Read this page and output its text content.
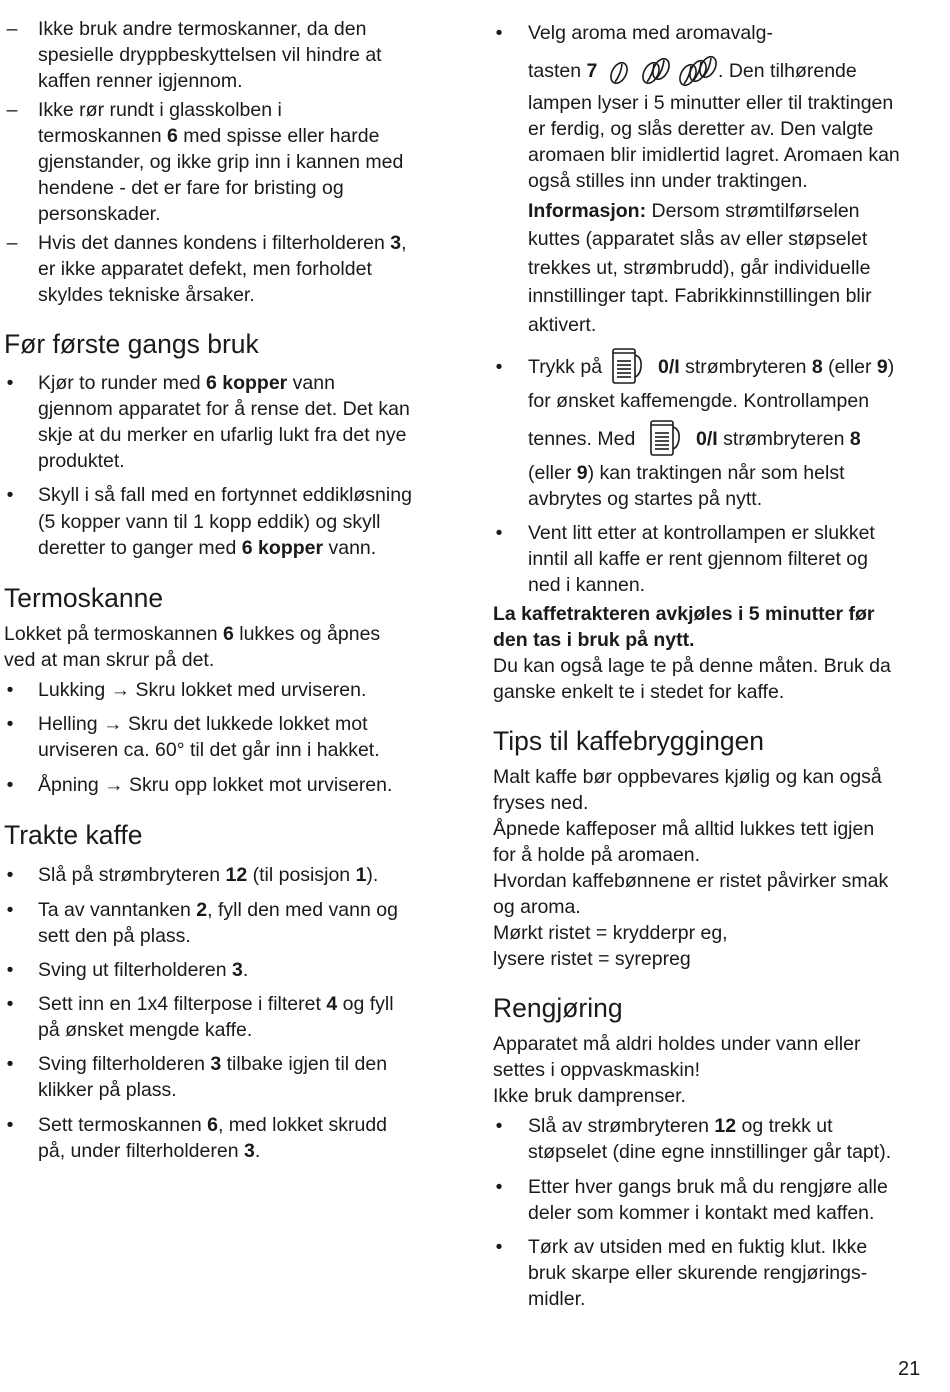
– Ikke bruk andre termoskanner, da den
spesielle dryppbeskyttelsen vil hindre at
kaffen renner igjennom.
– Ikke rør rundt i glasskolben i
termoskannen 6 med spisse eller harde
gjenstander, og ikke grip inn i kannen med
hendene - det er fare for bristing og
personskader.
– Hvis det dannes kondens i filterholderen 3,
er ikke apparatet defekt, men forholdet
skyldes tekniske årsaker.
Før første gangs bruk
• Kjør to runder med 6 kopper vann
gjennom apparatet for å rense det. Det kan
skje at du merker en ufarlig lukt fra det nye
produktet.
• Skyll i så fall med en fortynnet eddikløsning
(5 kopper vann til 1 kopp eddik) og skyll
deretter to ganger med 6 kopper vann.
Termoskanne
Lokket på termoskannen 6 lukkes og åpnes
ved at man skrur på det.
• Lukking → Skru lokket med urviseren.
• Helling → Skru det lukkede lokket mot
urviseren ca. 60° til det går inn i hakket.
• Åpning → Skru opp lokket mot urviseren.
Trakte kaffe
• Slå på strømbryteren 12 (til posisjon 1).
• Ta av vanntanken 2, fyll den med vann og
sett den på plass.
• Sving ut filterholderen 3.
• Sett inn en 1x4 filterpose i filteret 4 og fyll
på ønsket mengde kaffe.
• Sving filterholderen 3 tilbake igjen til den
klikker på plass.
• Sett termoskannen 6, med lokket skrudd
på, under filterholderen 3.
• Velg aroma med aromavalg-
tasten 7	. Den tilhørende
lampen lyser i 5 minutter eller til traktingen
er ferdig, og slås deretter av. Den valgte
aromaen blir imidlertid lagret. Aromaen kan
også stilles inn under traktingen.
Informasjon: Dersom strømtilførselen
kuttes (apparatet slås av eller støpselet
trekkes ut, strømbrudd), går individuelle
innstillinger tapt. Fabrikkinnstillingen blir
aktivert.
• Trykk på	0/I strømbryteren 8 (eller 9)
for ønsket kaffemengde. Kontrollampen
tennes. Med	0/I strømbryteren 8
(eller 9) kan traktingen når som helst
avbrytes og startes på nytt.
• Vent litt etter at kontrollampen er slukket
inntil all kaffe er rent gjennom filteret og
ned i kannen.
La kaffetrakteren avkjøles i 5 minutter før
den tas i bruk på nytt.
Du kan også lage te på denne måten. Bruk da
ganske enkelt te i stedet for kaffe.
Tips til kaffebryggingen
Malt kaffe bør oppbevares kjølig og kan også
fryses ned.
Åpnede kaffeposer må alltid lukkes tett igjen
for å holde på aromaen.
Hvordan kaffebønnene er ristet påvirker smak
og aroma.
Mørkt ristet = krydderpr eg,
lysere ristet = syrepreg
Rengjøring
Apparatet må aldri holdes under vann eller
settes i oppvaskmaskin!
Ikke bruk damprenser.
• Slå av strømbryteren 12 og trekk ut
støpselet (dine egne innstillinger går tapt).
• Etter hver gangs bruk må du rengjøre alle
deler som kommer i kontakt med kaffen.
• Tørk av utsiden med en fuktig klut. Ikke
bruk skarpe eller skurende rengjørings-
midler.
21
